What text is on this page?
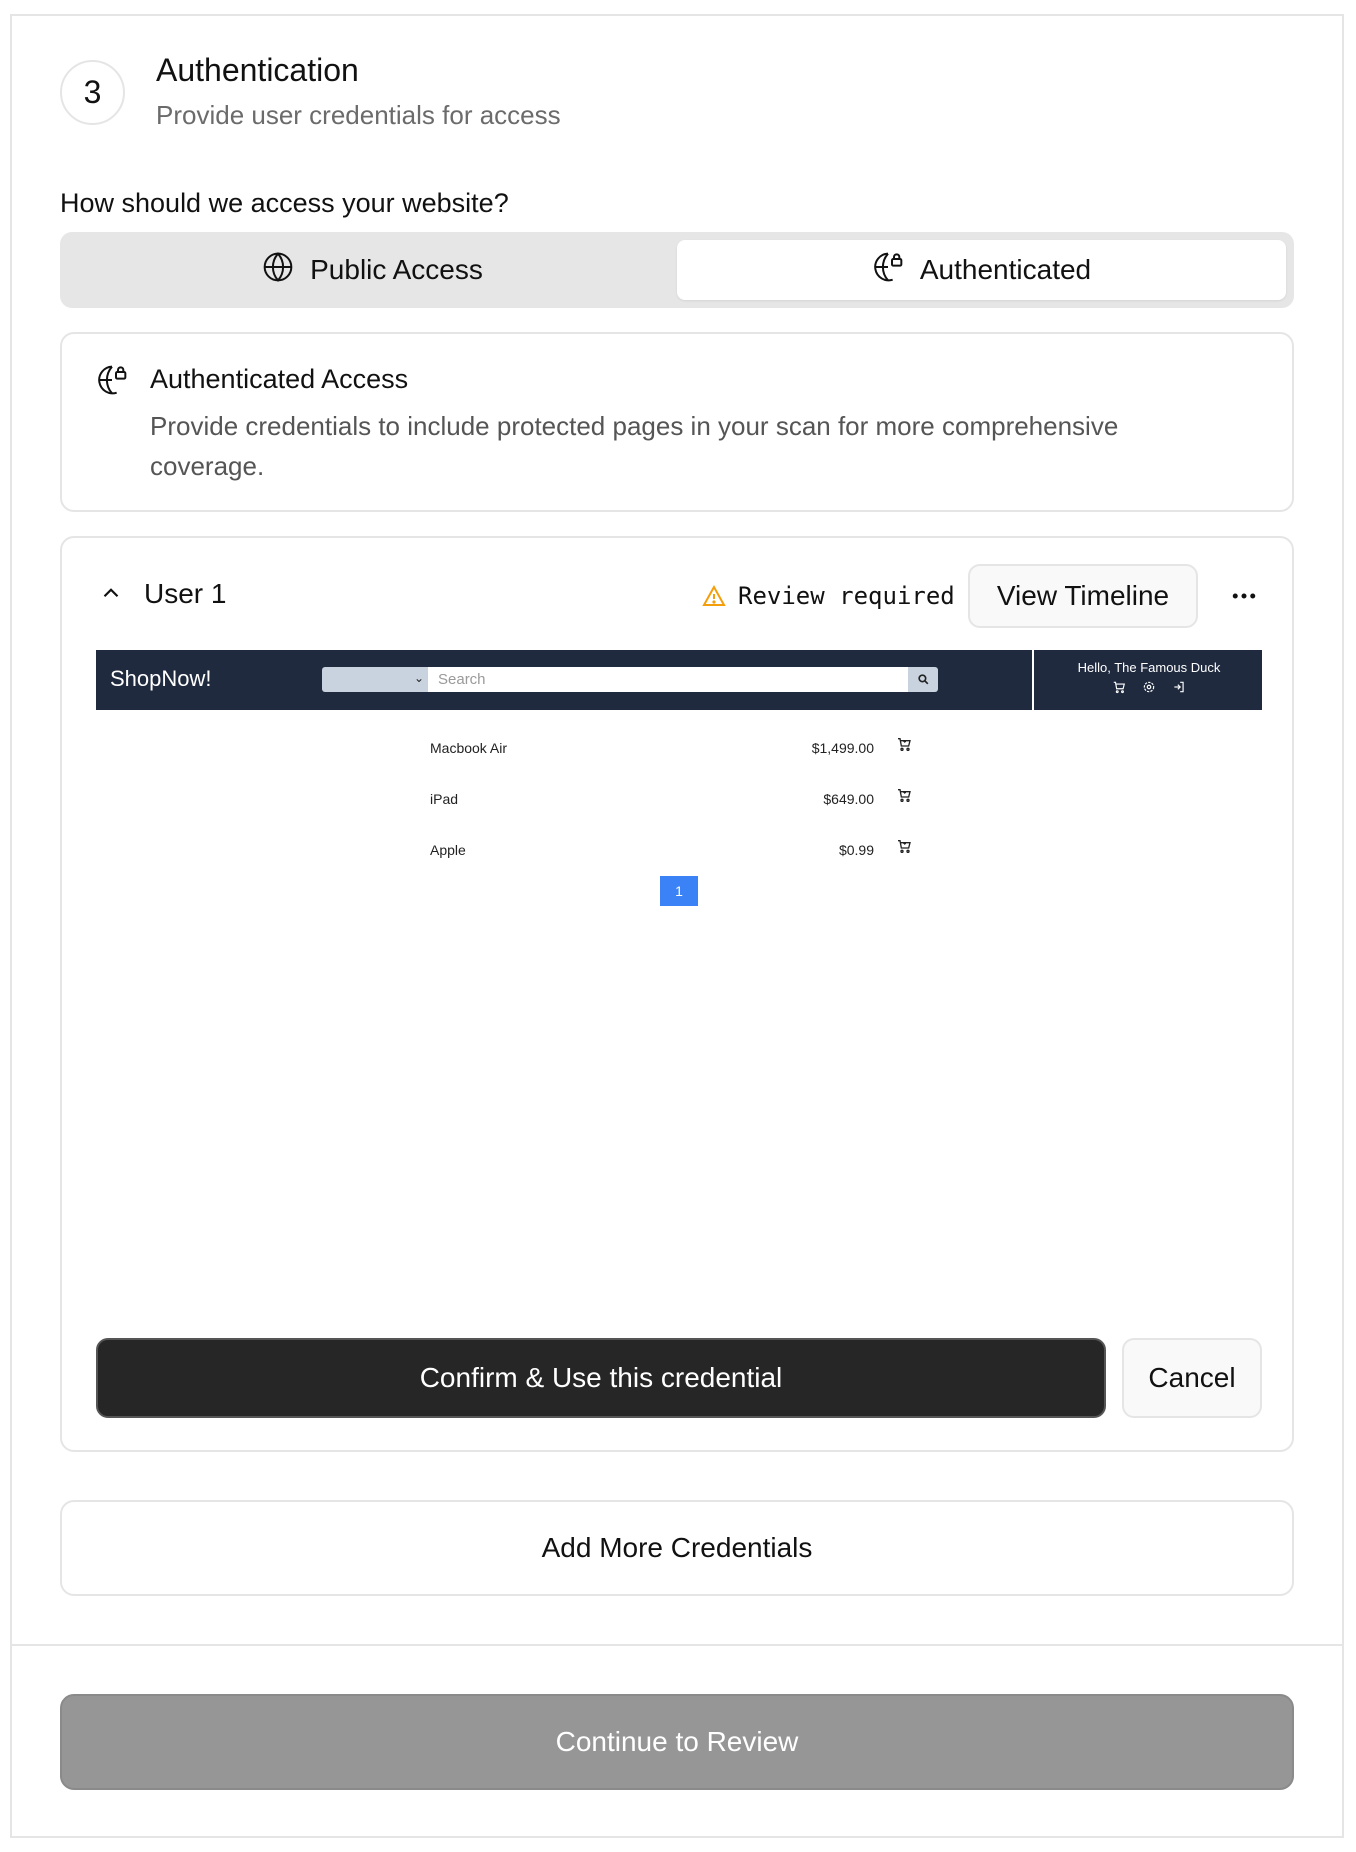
3
Authentication
Provide user credentials for access
How should we access your website?
Public Access	Authenticated
Authenticated Access
Provide credentials to include protected pages in your scan for more comprehensive coverage.
User 1	Review required	View Timeline
ShopNow!	⌄ Search
Hello, The Famous Duck
Macbook Air	$1,499.00
iPad	$649.00
Apple	$0.99
1
Confirm & Use this credential	Cancel
Add More Credentials
Continue to Review
